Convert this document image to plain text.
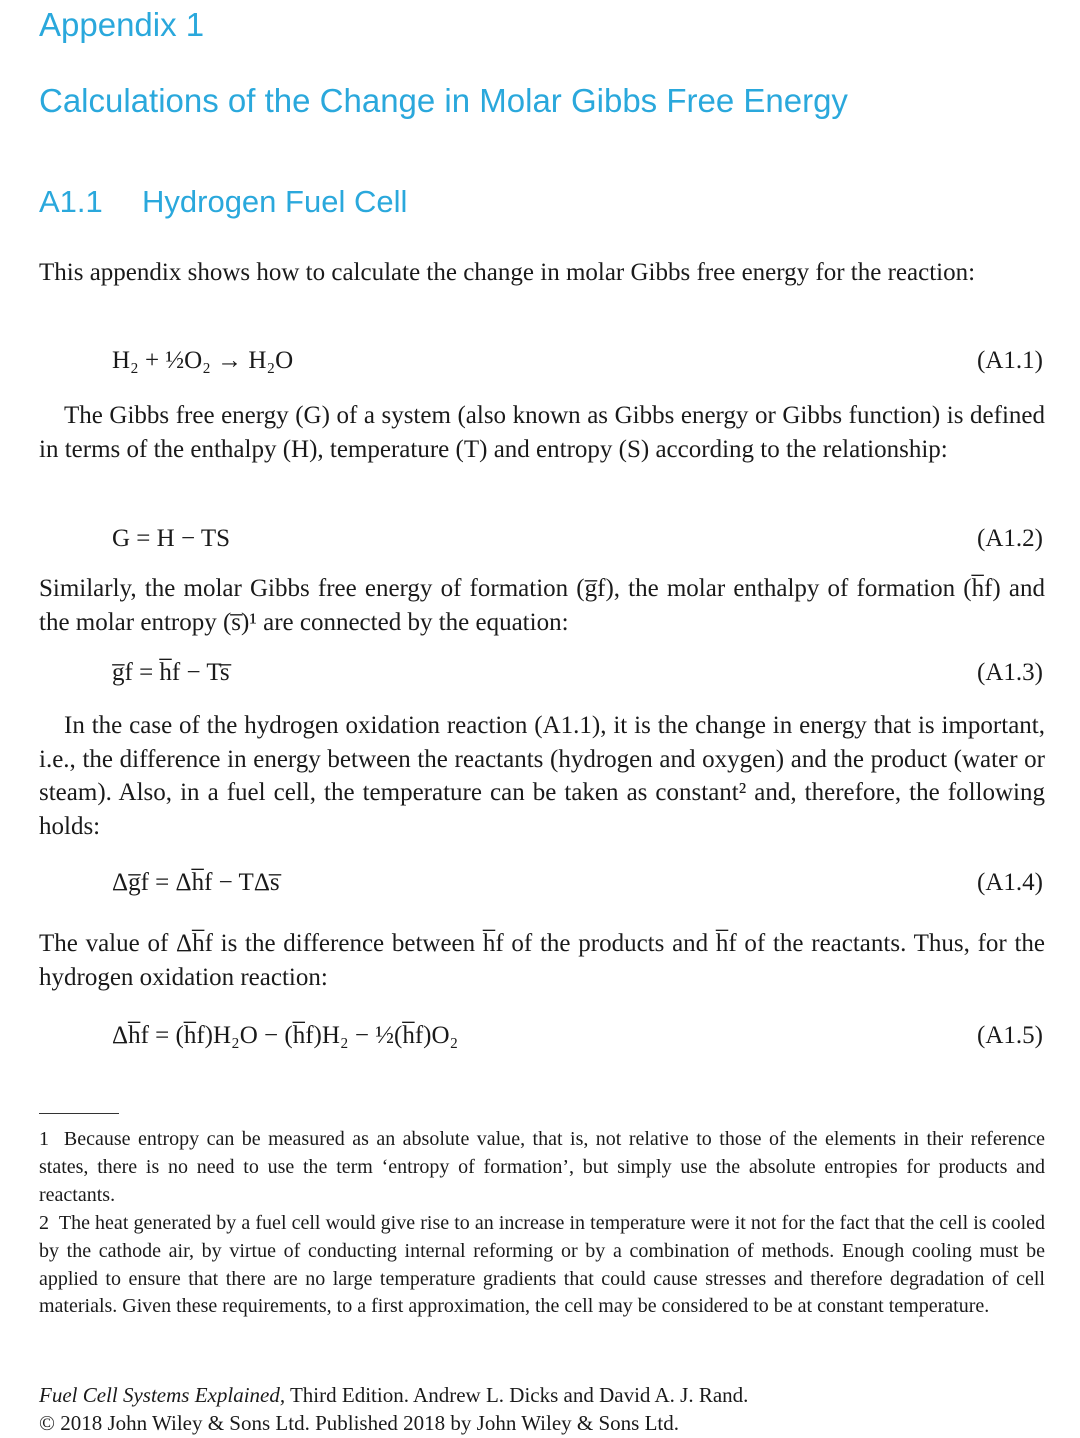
Appendix 1
Calculations of the Change in Molar Gibbs Free Energy
A1.1 Hydrogen Fuel Cell

This appendix shows how to calculate the change in molar Gibbs free energy for the reaction:

H₂ + ½O₂ → H₂O	(A1.1)

The Gibbs free energy (G) of a system (also known as Gibbs energy or Gibbs function) is defined in terms of the enthalpy (H), temperature (T) and entropy (S) according to the relationship:

G = H − TS	(A1.2)

Similarly, the molar Gibbs free energy of formation (g̅f), the molar enthalpy of formation (h̅f) and the molar entropy (s̅)¹ are connected by the equation:

g̅f = h̅f − Ts̅	(A1.3)

In the case of the hydrogen oxidation reaction (A1.1), it is the change in energy that is important, i.e., the difference in energy between the reactants (hydrogen and oxygen) and the product (water or steam). Also, in a fuel cell, the temperature can be taken as constant² and, therefore, the following holds:

Δg̅f = Δh̅f − TΔs̅	(A1.4)

The value of Δh̅f is the difference between h̅f of the products and h̅f of the reactants. Thus, for the hydrogen oxidation reaction:

Δh̅f = (h̅f)H₂O − (h̅f)H₂ − ½(h̅f)O₂	(A1.5)

1 Because entropy can be measured as an absolute value, that is, not relative to those of the elements in their reference states, there is no need to use the term ‘entropy of formation’, but simply use the absolute entropies for products and reactants.

2 The heat generated by a fuel cell would give rise to an increase in temperature were it not for the fact that the cell is cooled by the cathode air, by virtue of conducting internal reforming or by a combination of methods. Enough cooling must be applied to ensure that there are no large temperature gradients that could cause stresses and therefore degradation of cell materials. Given these requirements, to a first approximation, the cell may be considered to be at constant temperature.

Fuel Cell Systems Explained, Third Edition. Andrew L. Dicks and David A. J. Rand.

© 2018 John Wiley & Sons Ltd. Published 2018 by John Wiley & Sons Ltd.
